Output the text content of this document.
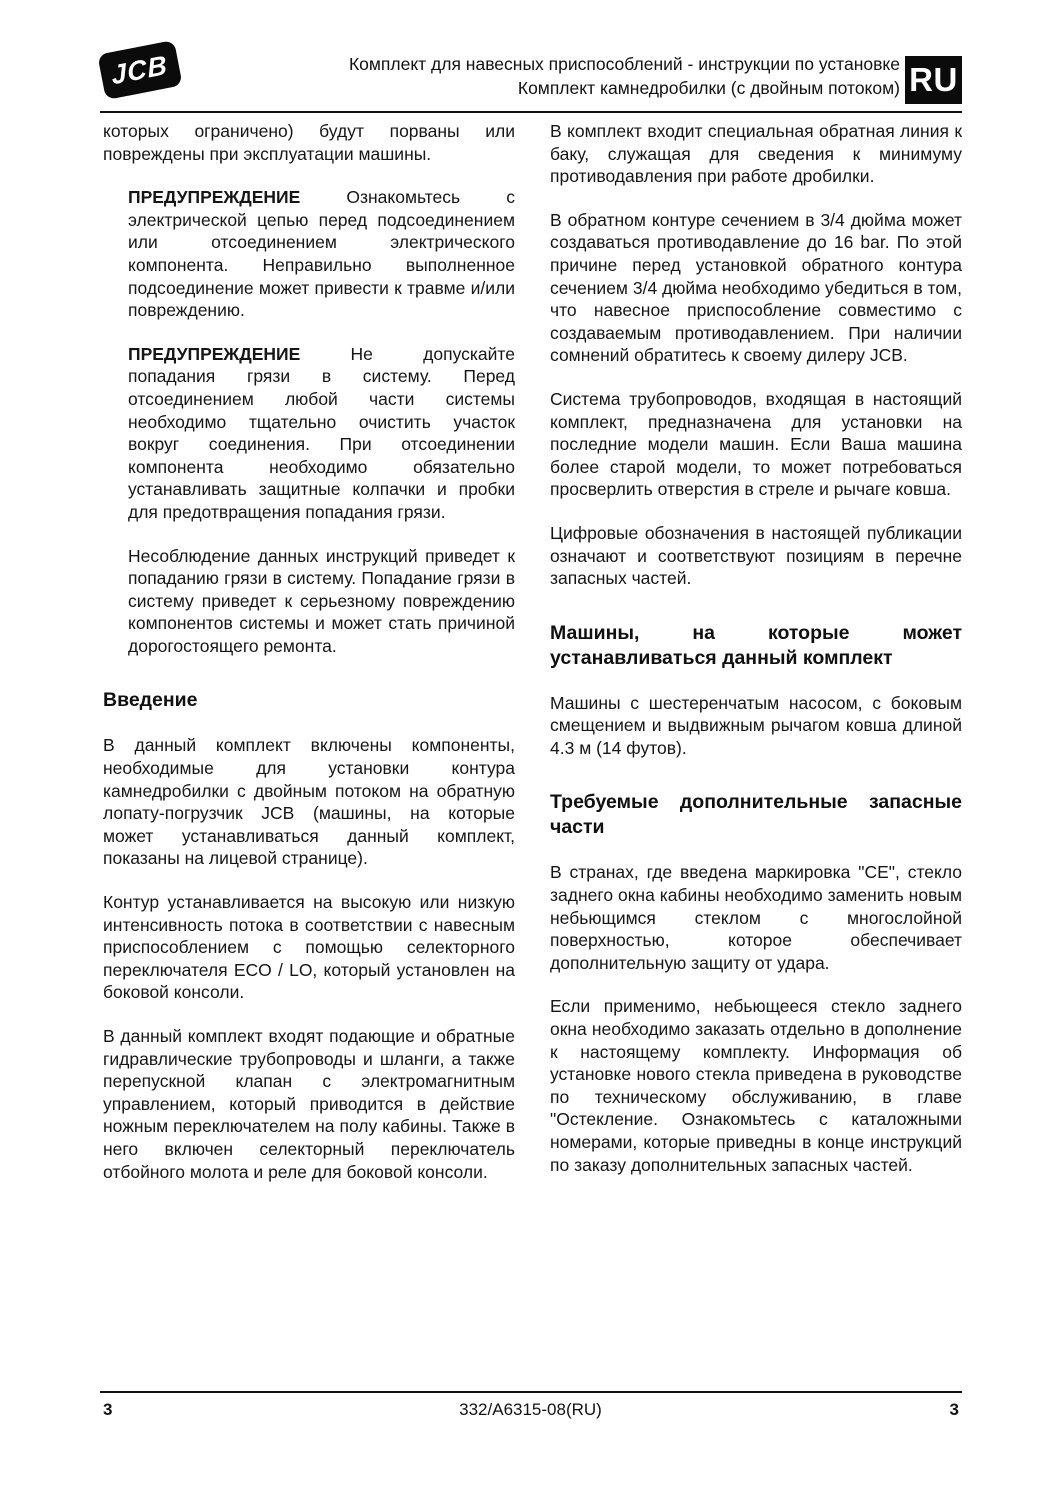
JCB	Комплект для навесных приспособлений - инструкции по установке
Комплект камнедробилки (с двойным потоком) RU

которых ограничено) будут порваны или повреждены при эксплуатации машины.

ПРЕДУПРЕЖДЕНИЕ	Ознакомьтесь с электрической цепью перед подсоединением или отсоединением электрического компонента. Неправильно выполненное подсоединение может привести к травме и/или повреждению.

ПРЕДУПРЕЖДЕНИЕ	Не допускайте попадания грязи в систему. Перед отсоединением любой части системы необходимо тщательно очистить участок вокруг соединения. При отсоединении компонента необходимо обязательно устанавливать защитные колпачки и пробки для предотвращения попадания грязи.

Несоблюдение данных инструкций приведет к попаданию грязи в систему. Попадание грязи в систему приведет к серьезному повреждению компонентов системы и может стать причиной дорогостоящего ремонта.

Введение

В данный комплект включены компоненты, необходимые для установки контура камнедробилки с двойным потоком на обратную лопату-погрузчик JCB (машины, на которые может устанавливаться данный комплект, показаны на лицевой странице).

Контур устанавливается на высокую или низкую интенсивность потока в соответствии с навесным приспособлением с помощью селекторного переключателя ECO / LO, который установлен на боковой консоли.

В данный комплект входят подающие и обратные гидравлические трубопроводы и шланги, а также перепускной клапан с электромагнитным управлением, который приводится в действие ножным переключателем на полу кабины. Также в него включен селекторный переключатель отбойного молота и реле для боковой консоли.

В комплект входит специальная обратная линия к баку, служащая для сведения к минимуму противодавления при работе дробилки.

В обратном контуре сечением в 3/4 дюйма может создаваться противодавление до 16 bar. По этой причине перед установкой обратного контура сечением 3/4 дюйма необходимо убедиться в том, что навесное приспособление совместимо с создаваемым противодавлением. При наличии сомнений обратитесь к своему дилеру JCB.

Система трубопроводов, входящая в настоящий комплект, предназначена для установки на последние модели машин. Если Ваша машина более старой модели, то может потребоваться просверлить отверстия в стреле и рычаге ковша.

Цифровые обозначения в настоящей публикации означают и соответствуют позициям в перечне запасных частей.

Машины, на которые может устанавливаться данный комплект

Машины с шестеренчатым насосом, с боковым смещением и выдвижным рычагом ковша длиной 4.3 м (14 футов).

Требуемые дополнительные запасные части

В странах, где введена маркировка "CE", стекло заднего окна кабины необходимо заменить новым небьющимся стеклом с многослойной поверхностью, которое обеспечивает дополнительную защиту от удара.

Если применимо, небьющееся стекло заднего окна необходимо заказать отдельно в дополнение к настоящему комплекту. Информация об установке нового стекла приведена в руководстве по техническому обслуживанию, в главе "Остекление. Ознакомьтесь с каталожными номерами, которые приведны в конце инструкций по заказу дополнительных запасных частей.

3	332/A6315-08(RU)	3
